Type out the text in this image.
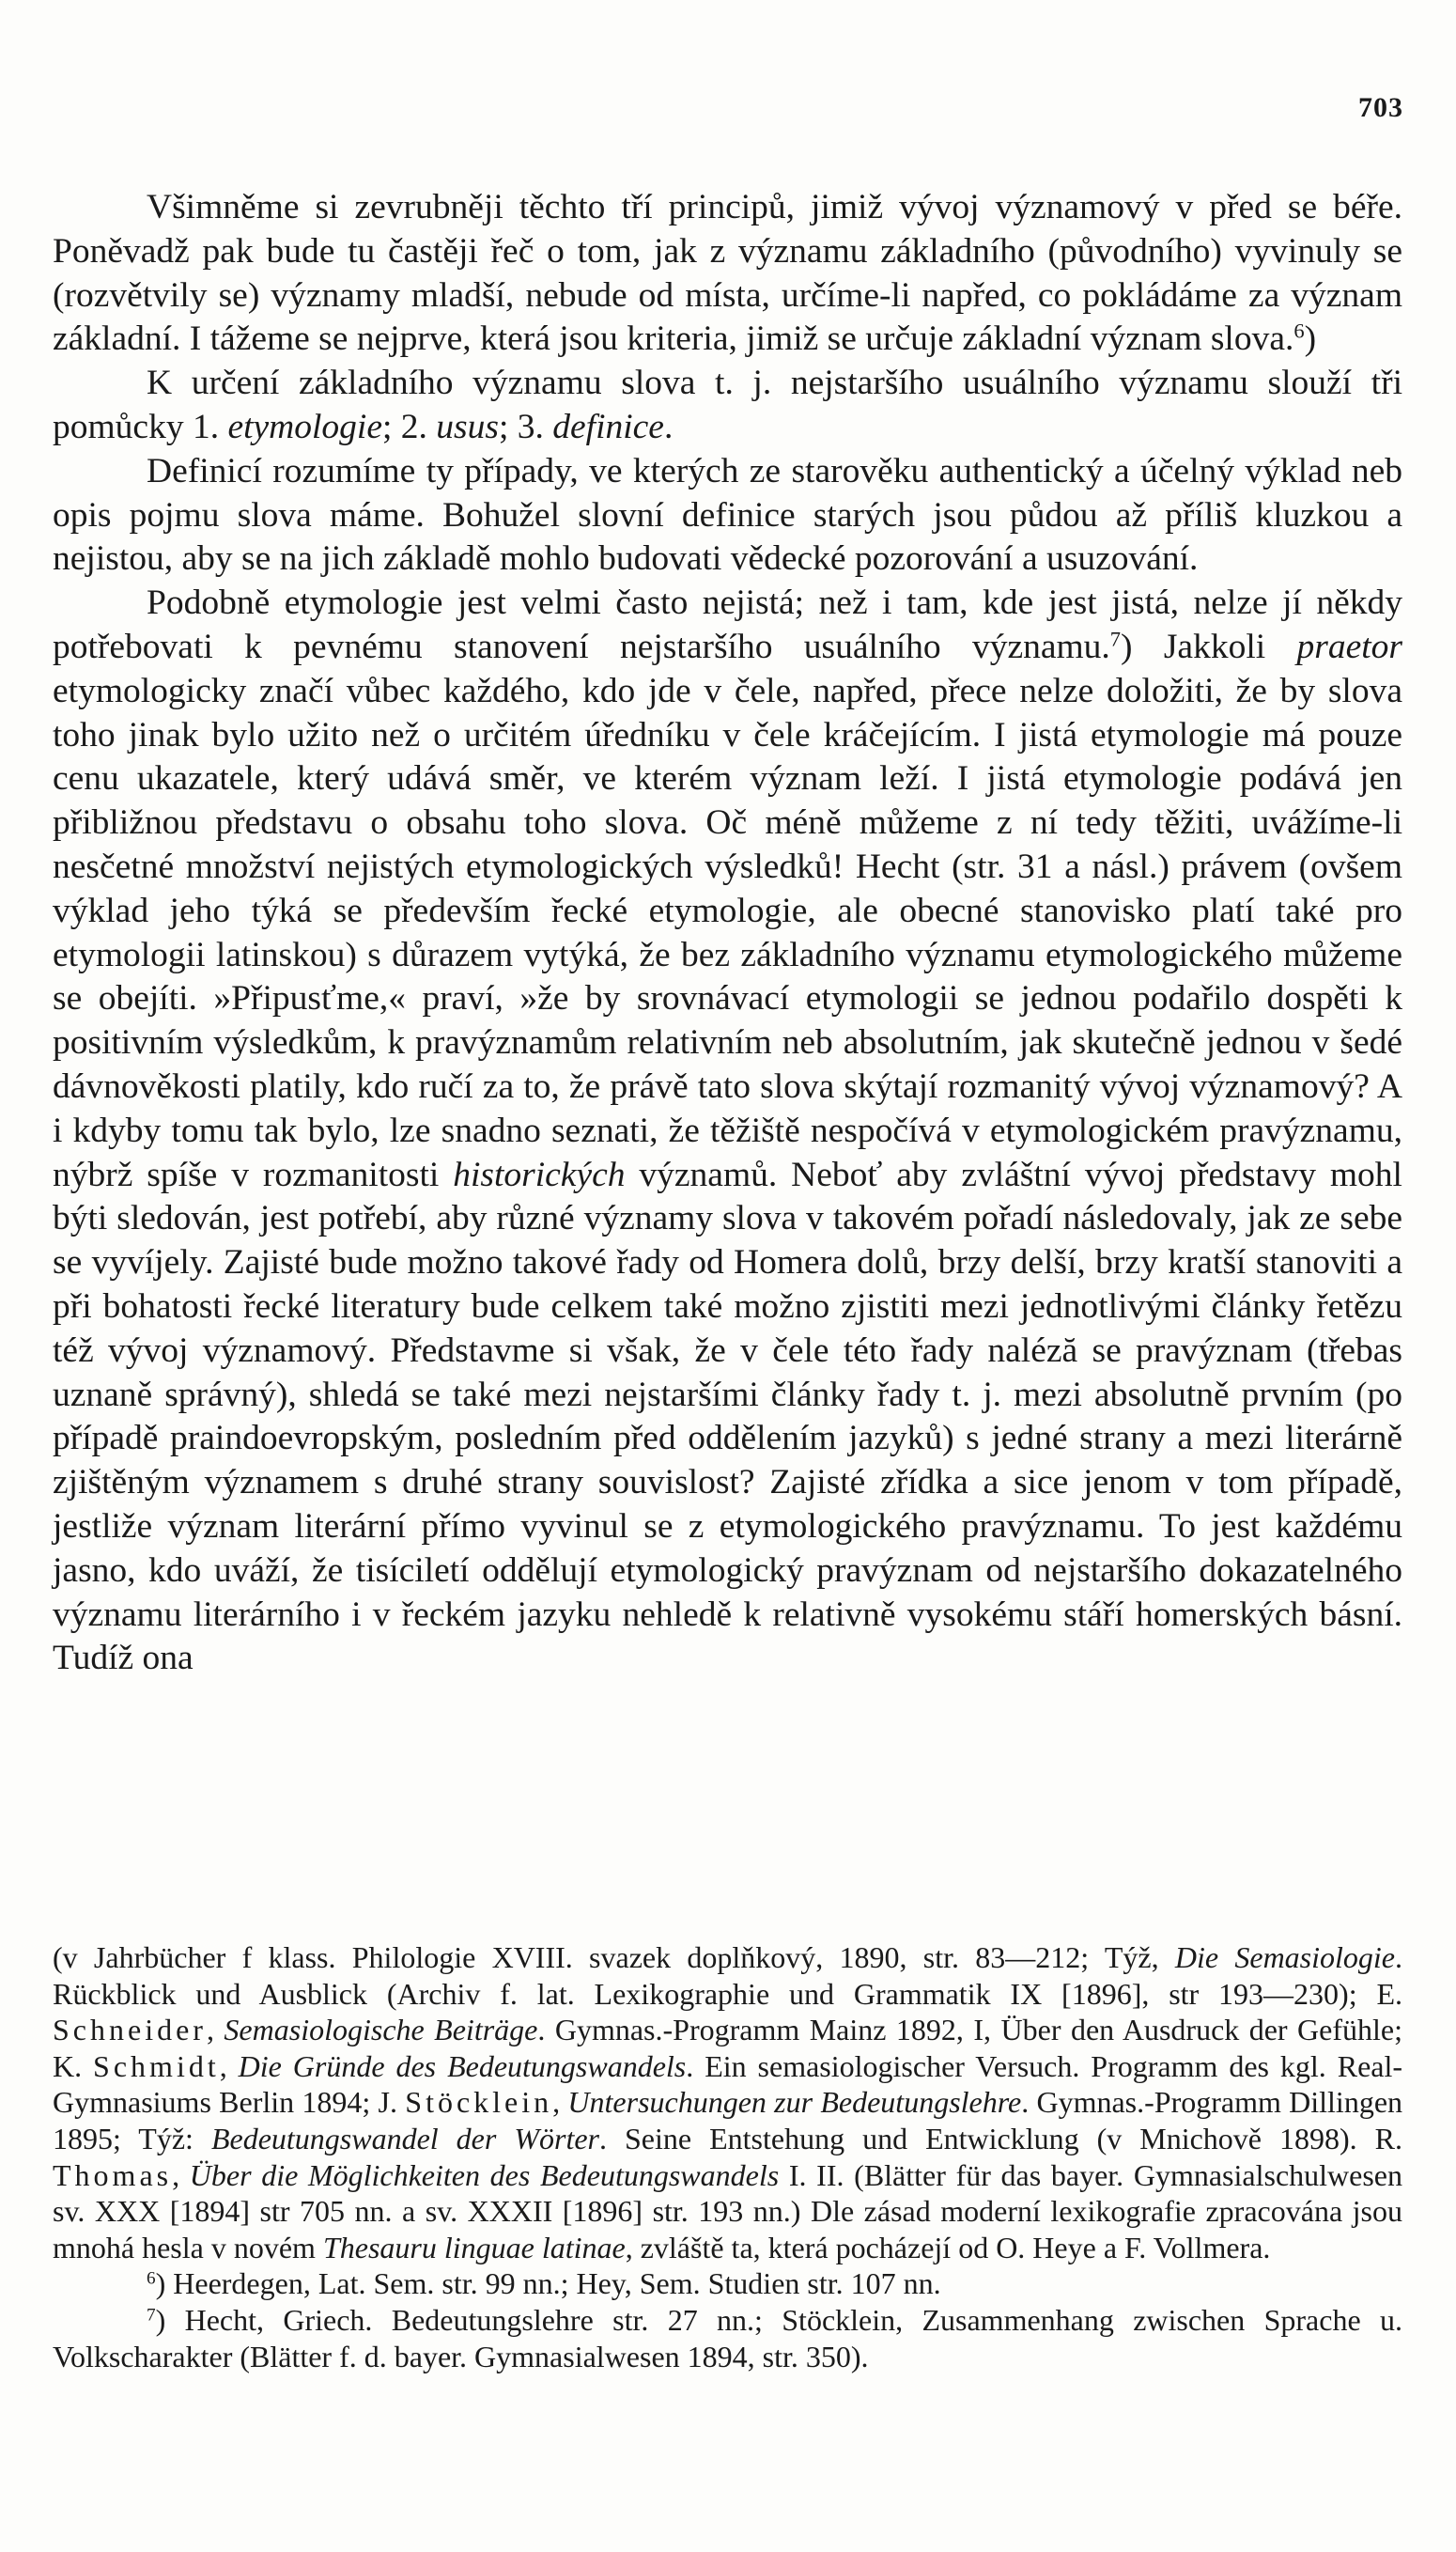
703

Všimněme si zevrubněji těchto tří principů, jimiž vývoj významový v před se béře. Poněvadž pak bude tu častěji řeč o tom, jak z významu základního (původního) vyvinuly se (rozvětvily se) významy mladší, nebude od místa, určíme-li napřed, co pokládáme za význam základní. I tážeme se nejprve, která jsou kriteria, jimiž se určuje základní význam slova.$^6$)

K určení základního významu slova t. j. nejstaršího usuálního významu slouží tři pomůcky 1. etymologie; 2. usus; 3. definice.

Definicí rozumíme ty případy, ve kterých ze starověku authentický a účelný výklad neb opis pojmu slova máme. Bohužel slovní definice starých jsou půdou až příliš kluzkou a nejistou, aby se na jich základě mohlo budovati vědecké pozorování a usuzování.

Podobně etymologie jest velmi často nejistá; než i tam, kde jest jistá, nelze jí někdy potřebovati k pevnému stanovení nejstaršího usuálního významu.$^7$) Jakkoli praetor etymologicky značí vůbec každého, kdo jde v čele, napřed, přece nelze doložiti, že by slova toho jinak bylo užito než o určitém úředníku v čele kráčejícím. I jistá etymologie má pouze cenu ukazatele, který udává směr, ve kterém význam leží. I jistá etymologie podává jen přibližnou představu o obsahu toho slova. Oč méně můžeme z ní tedy těžiti, uvážíme-li nesčetné množství nejistých etymologických výsledků! Hecht (str. 31 a násl.) právem (ovšem výklad jeho týká se především řecké etymologie, ale obecné stanovisko platí také pro etymologii latinskou) s důrazem vytýká, že bez základního významu etymologického můžeme se obejíti. »Připusťme,« praví, »že by srovnávací etymologii se jednou podařilo dospěti k positivním výsledkům, k pravýznamům relativním neb absolutním, jak skutečně jednou v šedé dávnověkosti platily, kdo ručí za to, že právě tato slova skýtají rozmanitý vývoj významový? A i kdyby tomu tak bylo, lze snadno seznati, že těžiště nespočívá v etymologickém pravýznamu, nýbrž spíše v rozmanitosti historických významů. Neboť aby zvláštní vývoj představy mohl býti sledován, jest potřebí, aby různé významy slova v takovém pořadí následovaly, jak ze sebe se vyvíjely. Zajisté bude možno takové řady od Homera dolů, brzy delší, brzy kratší stanoviti a při bohatosti řecké literatury bude celkem také možno zjistiti mezi jednotlivými články řetězu též vývoj významový. Představme si však, že v čele této řady naléză se pravýznam (třebas uznaně správný), shledá se také mezi nejstaršími články řady t. j. mezi absolutně prvním (po případě praindoevropským, posledním před oddělením jazyků) s jedné strany a mezi literárně zjištěným významem s druhé strany souvislost? Zajisté zřídka a sice jenom v tom případě, jestliže význam literární přímo vyvinul se z etymologického pravýznamu. To jest každému jasno, kdo uváží, že tisíciletí oddělují etymologický pravýznam od nejstaršího dokazatelného významu literárního i v řeckém jazyku nehledě k relativně vysokému stáří homerských básní. Tudíž ona

(v Jahrbücher f klass. Philologie XVIII. svazek doplňkový, 1890, str. 83—212; Týž, Die Semasiologie. Rückblick und Ausblick (Archiv f. lat. Lexikographie und Grammatik IX [1896], str 193—230); E. Schneider, Semasiologische Beiträge. Gymnas.-Programm Mainz 1892, I, Über den Ausdruck der Gefühle; K. Schmidt, Die Gründe des Bedeutungswandels. Ein semasiologischer Versuch. Programm des kgl. Real-Gymnasiums Berlin 1894; J. Stöcklein, Untersuchungen zur Bedeutungslehre. Gymnas.-Programm Dillingen 1895; Týž: Bedeutungswandel der Wörter. Seine Entstehung und Entwicklung (v Mnichově 1898). R. Thomas, Über die Möglichkeiten des Bedeutungswandels I. II. (Blätter für das bayer. Gymnasialschulwesen sv. XXX [1894] str 705 nn. a sv. XXXII [1896] str. 193 nn.) Dle zásad moderní lexikografie zpracována jsou mnohá hesla v novém Thesauru linguae latinae, zvláště ta, která pocházejí od O. Heye a F. Vollmera.

$^6$) Heerdegen, Lat. Sem. str. 99 nn.; Hey, Sem. Studien str. 107 nn.

$^7$) Hecht, Griech. Bedeutungslehre str. 27 nn.; Stöcklein, Zusammenhang zwischen Sprache u. Volkscharakter (Blätter f. d. bayer. Gymnasialwesen 1894, str. 350).
